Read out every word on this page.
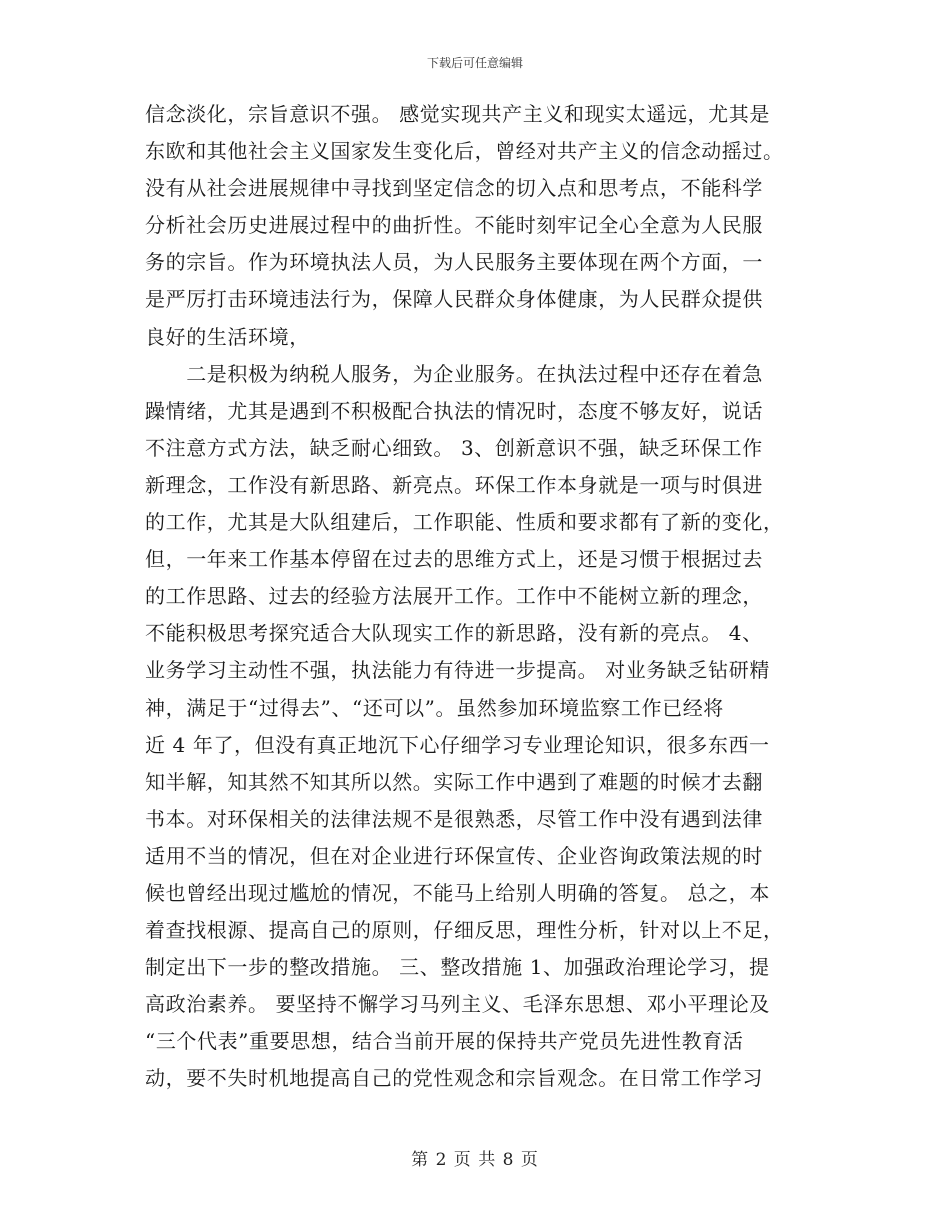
下载后可任意编辑
信念淡化，宗旨意识不强。 感觉实现共产主义和现实太遥远，尤其是
东欧和其他社会主义国家发生变化后，曾经对共产主义的信念动摇过。
没有从社会进展规律中寻找到坚定信念的切入点和思考点，不能科学
分析社会历史进展过程中的曲折性。不能时刻牢记全心全意为人民服
务的宗旨。作为环境执法人员，为人民服务主要体现在两个方面，一
是严厉打击环境违法行为，保障人民群众身体健康，为人民群众提供
良好的生活环境，
　　二是积极为纳税人服务，为企业服务。在执法过程中还存在着急
躁情绪，尤其是遇到不积极配合执法的情况时，态度不够友好，说话
不注意方式方法，缺乏耐心细致。 3、创新意识不强，缺乏环保工作
新理念，工作没有新思路、新亮点。环保工作本身就是一项与时俱进
的工作，尤其是大队组建后，工作职能、性质和要求都有了新的变化，
但，一年来工作基本停留在过去的思维方式上，还是习惯于根据过去
的工作思路、过去的经验方法展开工作。工作中不能树立新的理念，
不能积极思考探究适合大队现实工作的新思路，没有新的亮点。 4、
业务学习主动性不强，执法能力有待进一步提高。 对业务缺乏钻研精
神，满足于“过得去”、“还可以”。虽然参加环境监察工作已经将
近 4 年了，但没有真正地沉下心仔细学习专业理论知识，很多东西一
知半解，知其然不知其所以然。实际工作中遇到了难题的时候才去翻
书本。对环保相关的法律法规不是很熟悉，尽管工作中没有遇到法律
适用不当的情况，但在对企业进行环保宣传、企业咨询政策法规的时
候也曾经出现过尴尬的情况，不能马上给别人明确的答复。 总之，本
着查找根源、提高自己的原则，仔细反思，理性分析，针对以上不足，
制定出下一步的整改措施。 三、整改措施 1、加强政治理论学习，提
高政治素养。 要坚持不懈学习马列主义、毛泽东思想、邓小平理论及
“三个代表”重要思想，结合当前开展的保持共产党员先进性教育活
动，要不失时机地提高自己的党性观念和宗旨观念。在日常工作学习
第 2 页 共 8 页
